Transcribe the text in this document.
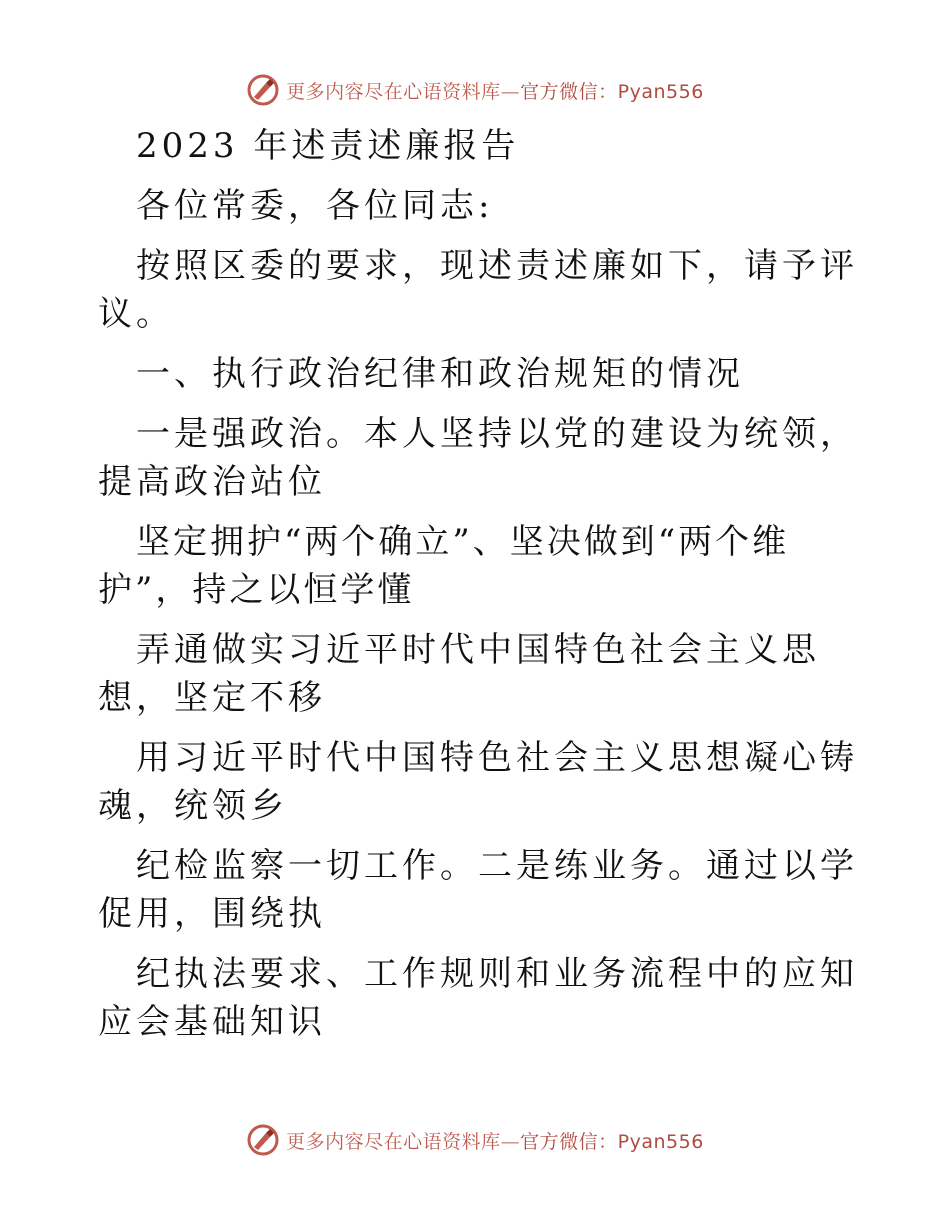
更多内容尽在心语资料库—官方微信：Pyan556

2023 年述责述廉报告

各位常委，各位同志:

按照区委的要求，现述责述廉如下，请予评议。

一、执行政治纪律和政治规矩的情况

一是强政治。本人坚持以党的建设为统领，提高政治站位

坚定拥护“两个确立”、坚决做到“两个维护”，持之以恒学懂

弄通做实习近平时代中国特色社会主义思想，坚定不移

用习近平时代中国特色社会主义思想凝心铸魂，统领乡

纪检监察一切工作。二是练业务。通过以学促用，围绕执

纪执法要求、工作规则和业务流程中的应知应会基础知识

更多内容尽在心语资料库—官方微信：Pyan556
